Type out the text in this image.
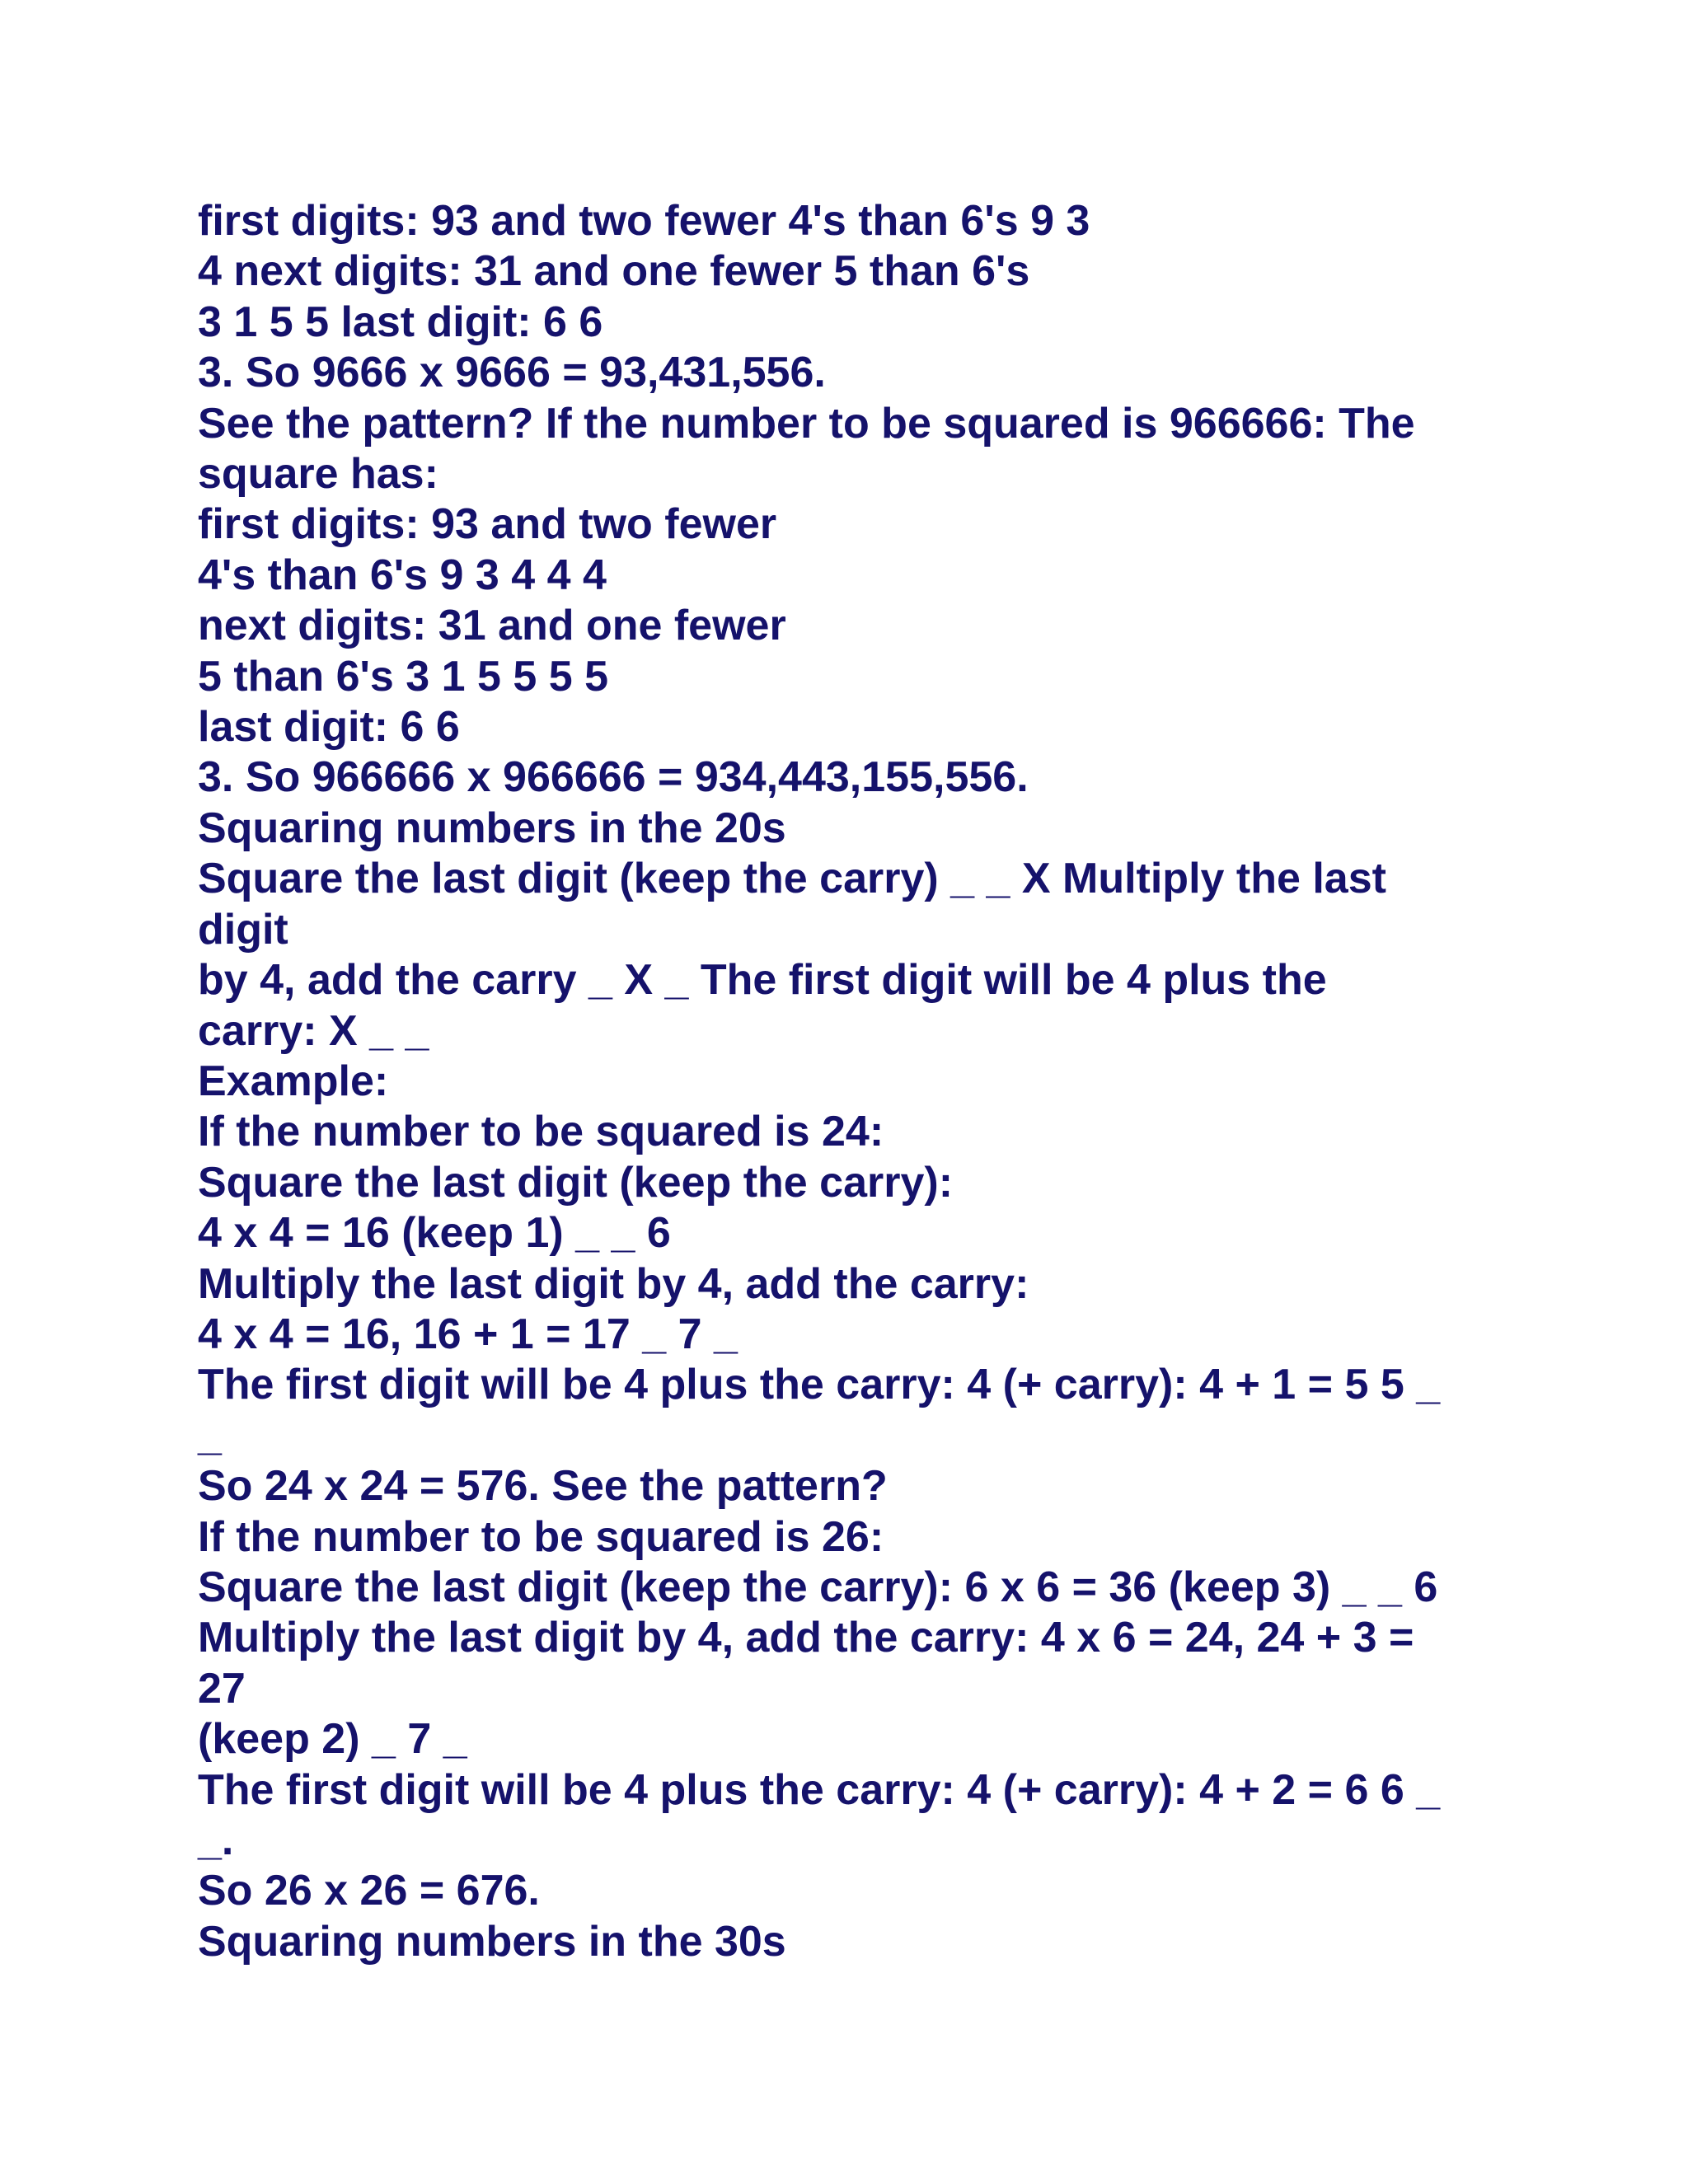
first digits: 93 and two fewer 4's than 6's 9 3
4 next digits: 31 and one fewer 5 than 6's
3 1 5 5 last digit: 6 6
3. So 9666 x 9666 = 93,431,556.
See the pattern? If the number to be squared is 966666: The
square has:
first digits: 93 and two fewer
4's than 6's 9 3 4 4 4
next digits: 31 and one fewer
5 than 6's 3 1 5 5 5 5
last digit: 6 6
3. So 966666 x 966666 = 934,443,155,556.
Squaring numbers in the 20s
Square the last digit (keep the carry) _ _ X Multiply the last
digit
by 4, add the carry _ X _ The first digit will be 4 plus the
carry: X _ _
Example:
If the number to be squared is 24:
Square the last digit (keep the carry):
4 x 4 = 16 (keep 1) _ _ 6
Multiply the last digit by 4, add the carry:
4 x 4 = 16, 16 + 1 = 17 _ 7 _
The first digit will be 4 plus the carry: 4 (+ carry): 4 + 1 = 5 5 _
_
So 24 x 24 = 576. See the pattern?
If the number to be squared is 26:
Square the last digit (keep the carry): 6 x 6 = 36 (keep 3) _ _ 6
Multiply the last digit by 4, add the carry: 4 x 6 = 24, 24 + 3 =
27
(keep 2) _ 7 _
The first digit will be 4 plus the carry: 4 (+ carry): 4 + 2 = 6 6 _
_.
So 26 x 26 = 676.
Squaring numbers in the 30s
